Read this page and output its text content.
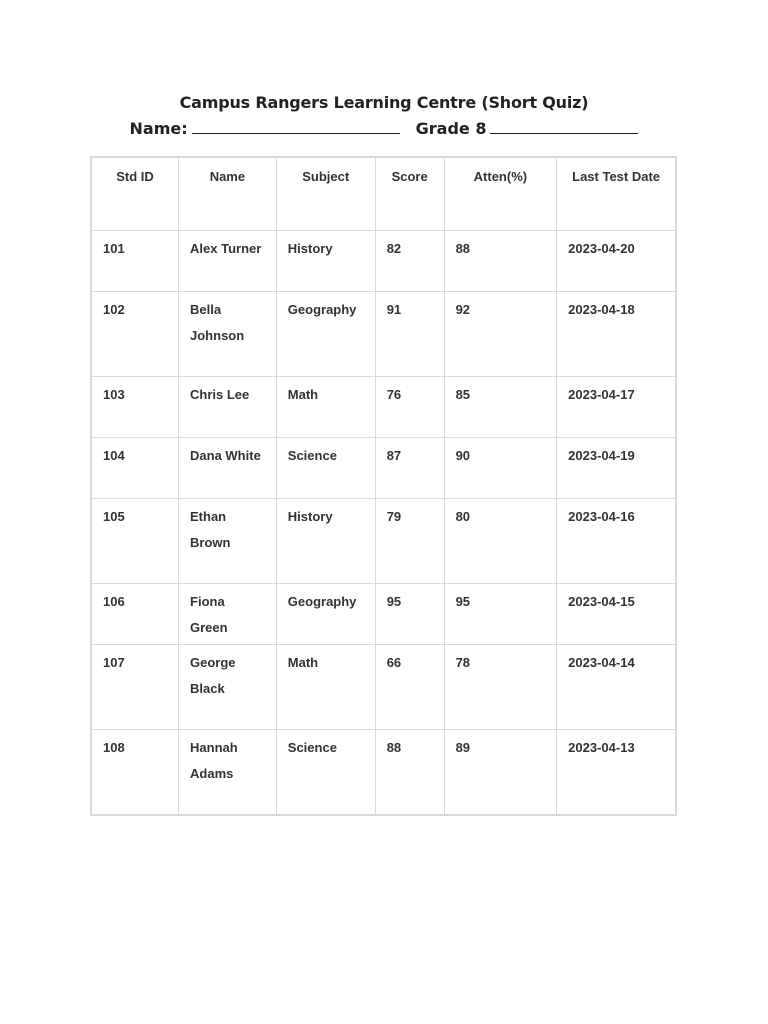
Campus Rangers Learning Centre (Short Quiz)
Name:	Grade 8
Std ID	Name	Subject	Score	Atten(%)	Last Test Date
101	Alex Turner	History	82	88	2023-04-20
102	Bella Johnson	Geography	91	92	2023-04-18
103	Chris Lee	Math	76	85	2023-04-17
104	Dana White	Science	87	90	2023-04-19
105	Ethan Brown	History	79	80	2023-04-16
106	Fiona Green	Geography	95	95	2023-04-15
107	George Black	Math	66	78	2023-04-14
108	Hannah Adams	Science	88	89	2023-04-13
